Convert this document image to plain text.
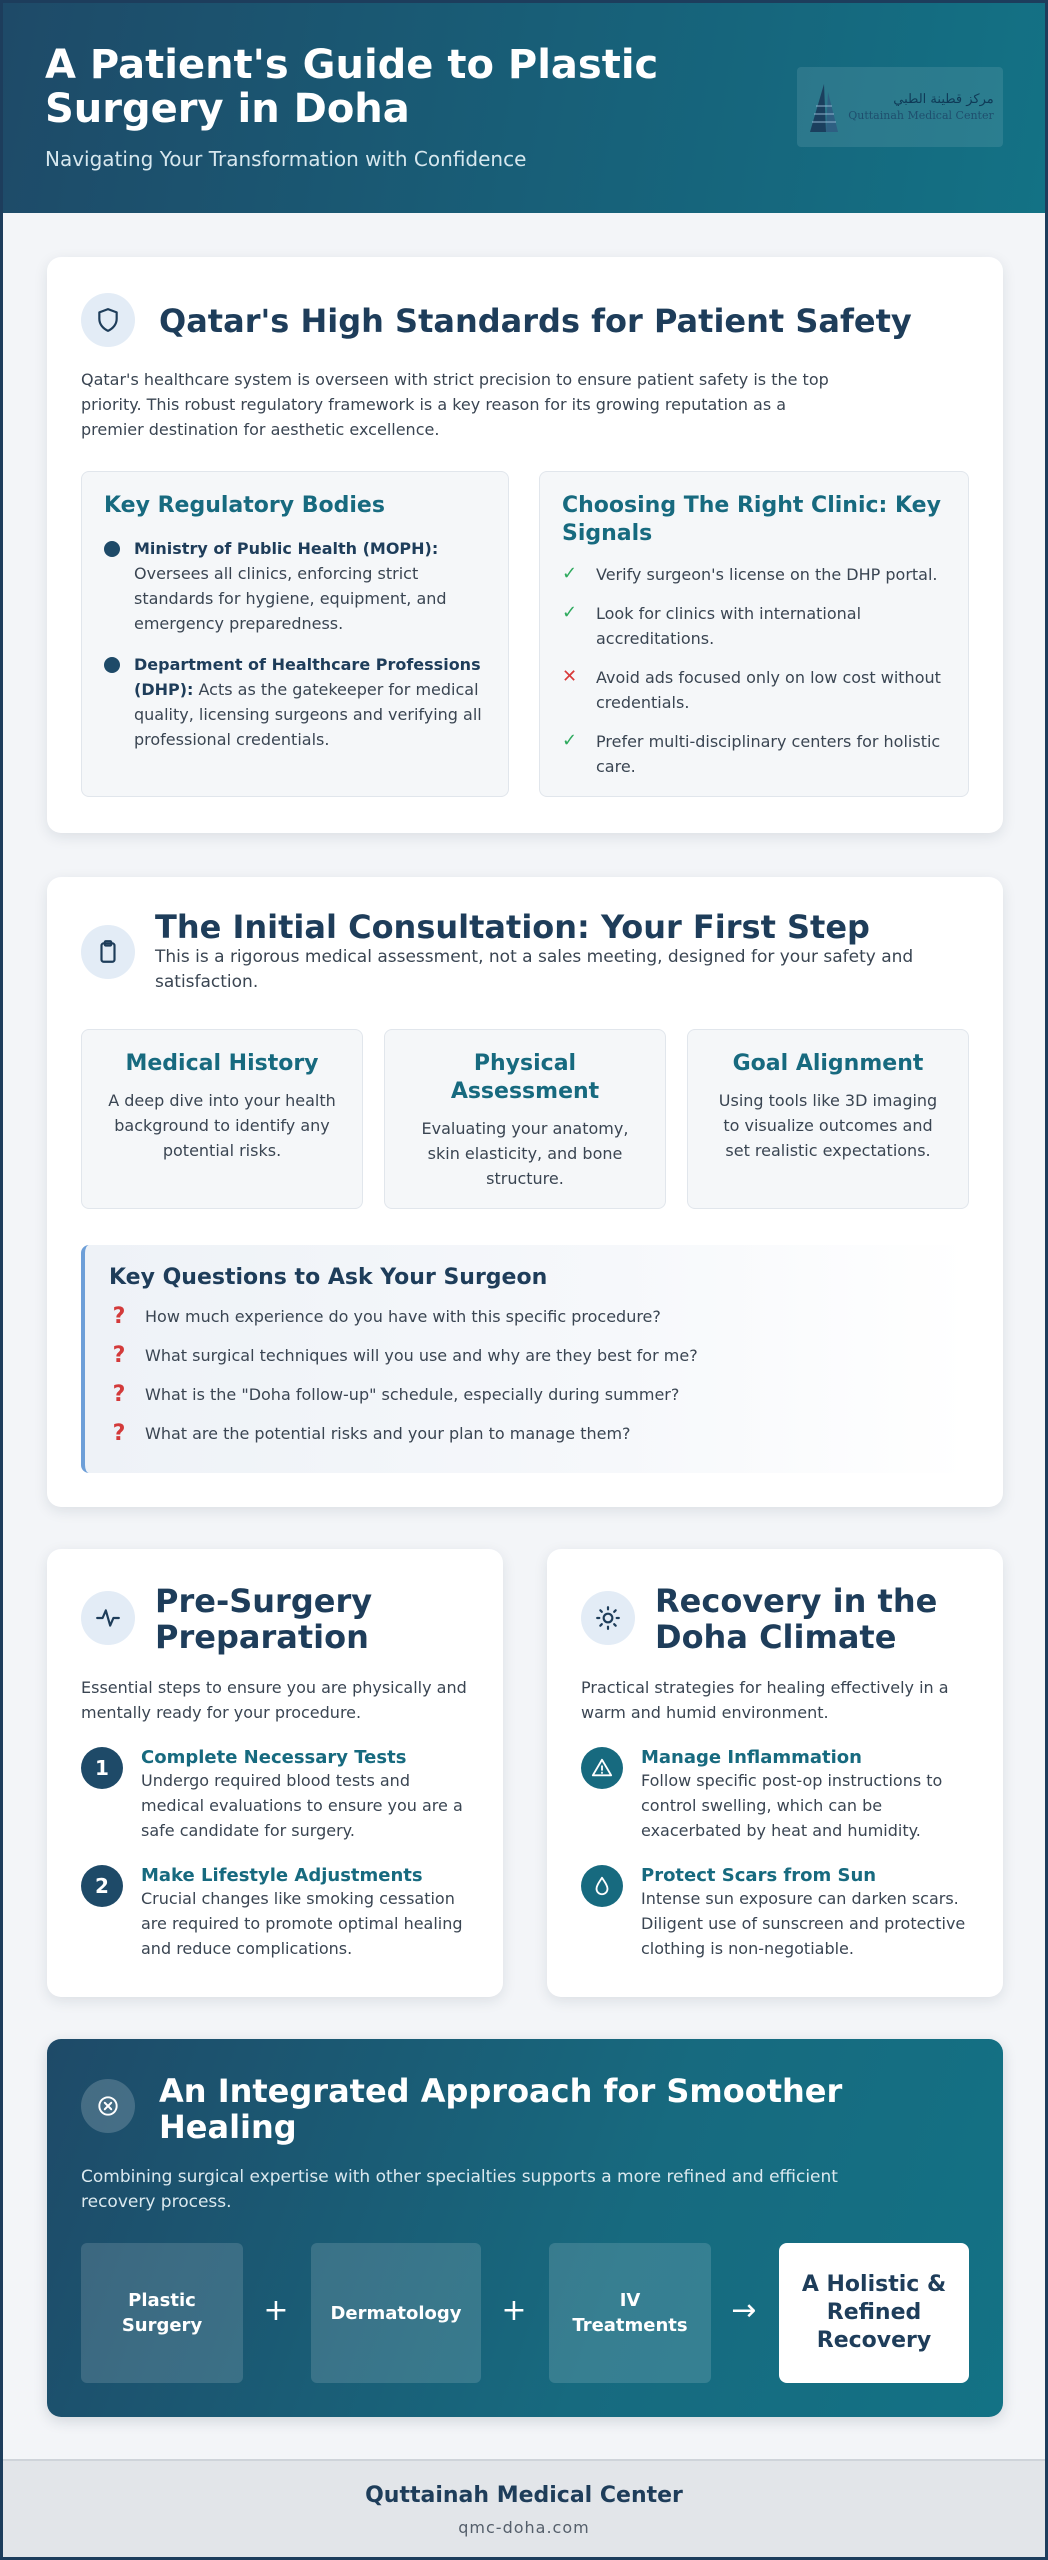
A Patient's Guide to Plastic Surgery in Doha
Navigating Your Transformation with Confidence
مركز قطينة الطبي
Quttainah Medical Center
Qatar's High Standards for Patient Safety

Qatar's healthcare system is overseen with strict precision to ensure patient safety is the top priority. This robust regulatory framework is a key reason for its growing reputation as a premier destination for aesthetic excellence.

Key Regulatory Bodies
Ministry of Public Health (MOPH): Oversees all clinics, enforcing strict standards for hygiene, equipment, and emergency preparedness.
Department of Healthcare Professions (DHP): Acts as the gatekeeper for medical quality, licensing surgeons and verifying all professional credentials.
Choosing The Right Clinic: Key Signals
✓	Verify surgeon's license on the DHP portal.
✓	Look for clinics with international accreditations.
✕	Avoid ads focused only on low cost without credentials.
✓	Prefer multi-disciplinary centers for holistic care.
The Initial Consultation: Your First Step

This is a rigorous medical assessment, not a sales meeting, designed for your safety and satisfaction.

Medical History
A deep dive into your health background to identify any potential risks.
Physical Assessment
Evaluating your anatomy, skin elasticity, and bone structure.
Goal Alignment
Using tools like 3D imaging to visualize outcomes and set realistic expectations.
Key Questions to Ask Your Surgeon
? How much experience do you have with this specific procedure?
? What surgical techniques will you use and why are they best for me?
? What is the "Doha follow-up" schedule, especially during summer?
? What are the potential risks and your plan to manage them?
Pre-Surgery Preparation

Essential steps to ensure you are physically and mentally ready for your procedure.

1	Complete Necessary Tests
Undergo required blood tests and medical evaluations to ensure you are a safe candidate for surgery.
2	Make Lifestyle Adjustments
Crucial changes like smoking cessation are required to promote optimal healing and reduce complications.
Recovery in the Doha Climate

Practical strategies for healing effectively in a warm and humid environment.

Manage Inflammation
Follow specific post-op instructions to control swelling, which can be exacerbated by heat and humidity.
Protect Scars from Sun
Intense sun exposure can darken scars. Diligent use of sunscreen and protective clothing is non-negotiable.
An Integrated Approach for Smoother Healing

Combining surgical expertise with other specialties supports a more refined and efficient recovery process.

Plastic Surgery	+	Dermatology	+	IV Treatments	→
A Holistic & Refined Recovery
Quttainah Medical Center
qmc-doha.com
